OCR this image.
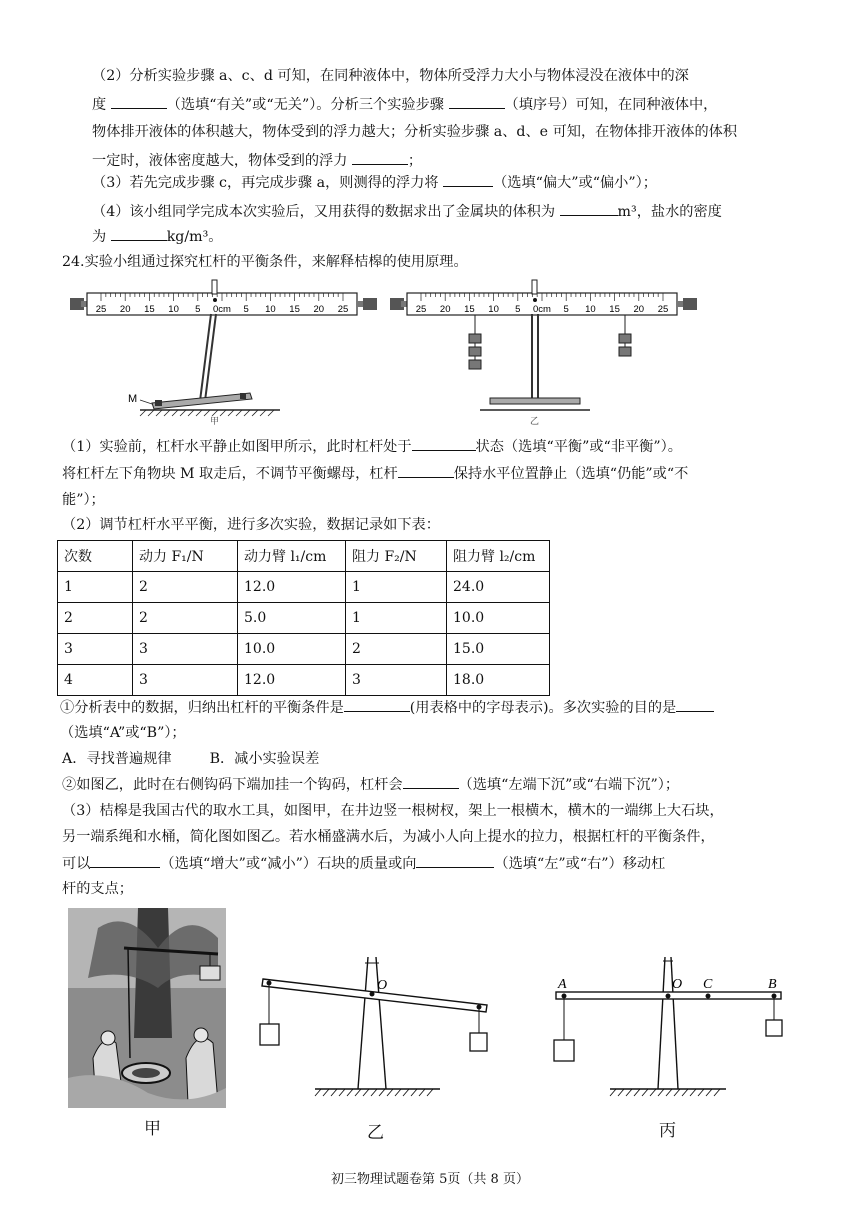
（2）分析实验步骤 a、c、d 可知，在同种液体中，物体所受浮力大小与物体浸没在液体中的深
度	（选填“有关”或“无关”）。分析三个实验步骤	（填序号）可知，在同种液体中，
物体排开液体的体积越大，物体受到的浮力越大；分析实验步骤 a、d、e 可知，在物体排开液体的体积
一定时，液体密度越大，物体受到的浮力	；
（3）若先完成步骤 c，再完成步骤 a，则测得的浮力将	（选填“偏大”或“偏小”）；
（4）该小组同学完成本次实验后，又用获得的数据求出了金属块的体积为	m³，盐水的密度
为	kg/m³。
24.实验小组通过探究杠杆的平衡条件，来解释桔槔的使用原理。
M
甲	乙
25 20 15 10 5 0cm 5 10 15 20 25	25 20 15 10 5 0cm 5 10 15 20 25
（1）实验前，杠杆水平静止如图甲所示，此时杠杆处于	状态（选填“平衡”或“非平衡”）。
将杠杆左下角物块 M 取走后，不调节平衡螺母，杠杆	保持水平位置静止（选填“仍能”或“不
能”）；
（2）调节杠杆水平平衡，进行多次实验，数据记录如下表：
次数	动力 F₁/N	动力臂 l₁/cm	阻力 F₂/N	阻力臂 l₂/cm
1	2	12.0	1	24.0
2	2	5.0	1	10.0
3	3	10.0	2	15.0
4	3	12.0	3	18.0
①分析表中的数据，归纳出杠杆的平衡条件是	(用表格中的字母表示)。多次实验的目的是
（选填“A”或“B”）；
A．寻找普遍规律	B．减小实验误差
②如图乙，此时在右侧钩码下端加挂一个钩码，杠杆会	（选填“左端下沉”或“右端下沉”）；
（3）桔槔是我国古代的取水工具，如图甲，在井边竖一根树杈，架上一根横木，横木的一端绑上大石块，
另一端系绳和水桶，简化图如图乙。若水桶盛满水后，为减小人向上提水的拉力，根据杠杆的平衡条件，
可以	（选填“增大”或“减小”）石块的质量或向	（选填“左”或“右”）移动杠
杆的支点；
甲
O
乙
A	O C	B
丙
初三物理试题卷第 5页（共 8 页）
